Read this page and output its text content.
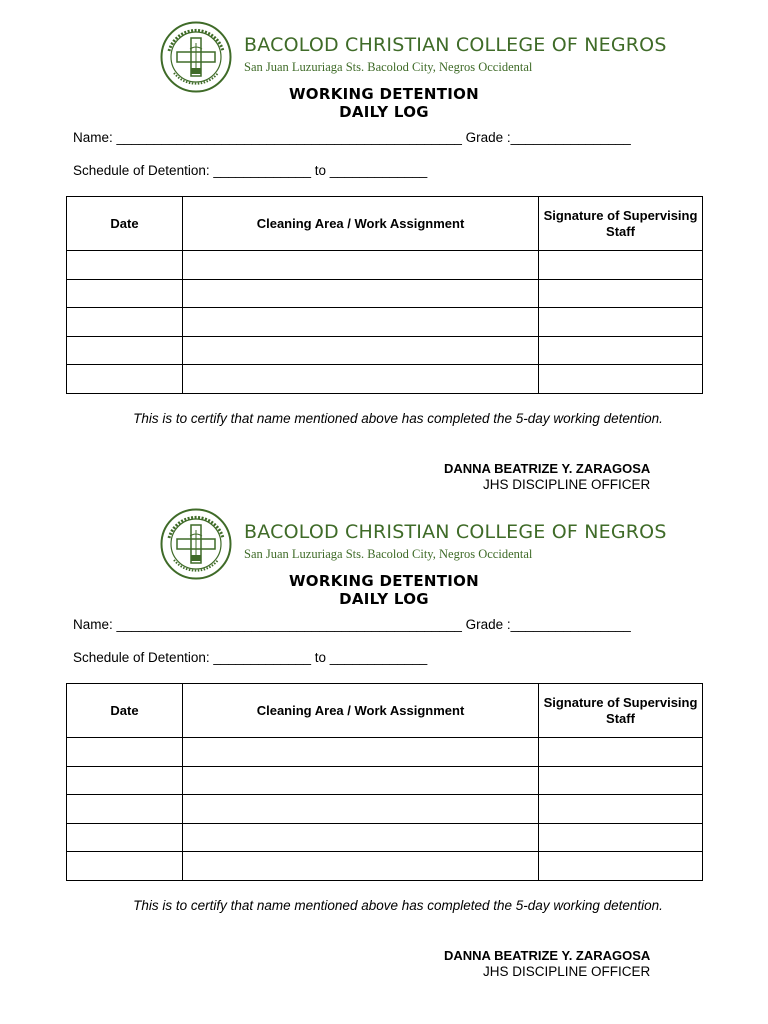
BACOLOD CHRISTIAN COLLEGE OF NEGROS
San Juan Luzuriaga Sts. Bacolod City, Negros Occidental
WORKING DETENTION
DAILY LOG
Name: ______________________________________________ Grade :________________
Schedule of Detention: _____________ to _____________
Date	Cleaning Area / Work Assignment	Signature of Supervising Staff

This is to certify that name mentioned above has completed the 5-day working detention.
DANNA BEATRIZE Y. ZARAGOSA
JHS DISCIPLINE OFFICER
BACOLOD CHRISTIAN COLLEGE OF NEGROS
San Juan Luzuriaga Sts. Bacolod City, Negros Occidental
WORKING DETENTION
DAILY LOG
Name: ______________________________________________ Grade :________________
Schedule of Detention: _____________ to _____________
Date	Cleaning Area / Work Assignment	Signature of Supervising Staff

This is to certify that name mentioned above has completed the 5-day working detention.
DANNA BEATRIZE Y. ZARAGOSA
JHS DISCIPLINE OFFICER
